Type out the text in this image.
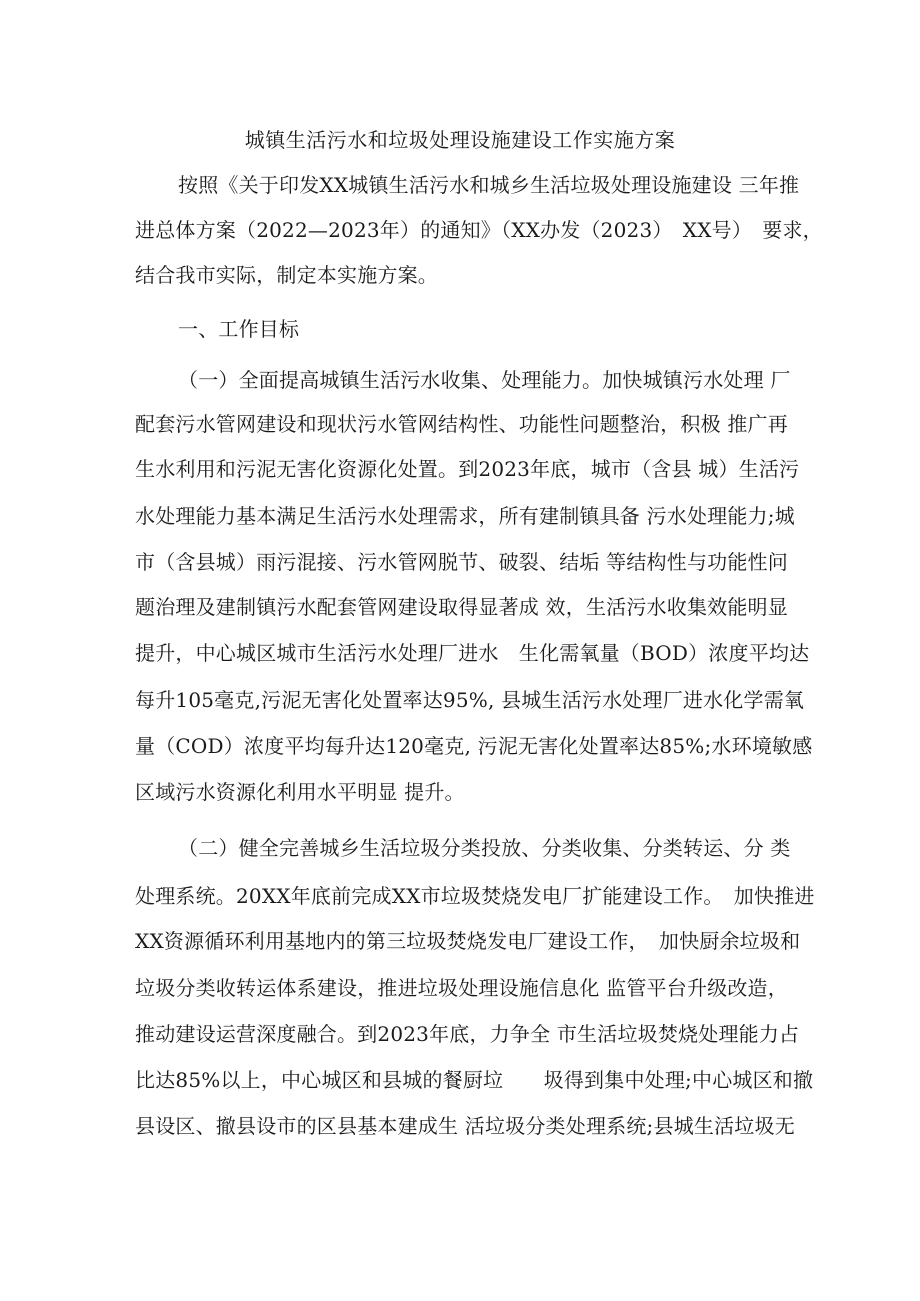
城镇生活污水和垃圾处理设施建设工作实施方案
按照《关于印发XX城镇生活污水和城乡生活垃圾处理设施建设 三年推
进总体方案（2022—2023年）的通知》（XX办发（2023）　XX号）　要求，
结合我市实际，制定本实施方案。
一、工作目标
（一）全面提高城镇生活污水收集、处理能力。加快城镇污水处理 厂
配套污水管网建设和现状污水管网结构性、功能性问题整治，积极 推广再
生水利用和污泥无害化资源化处置。到2023年底，城市（含县 城）生活污
水处理能力基本满足生活污水处理需求，所有建制镇具备 污水处理能力;城
市（含县城）雨污混接、污水管网脱节、破裂、结垢 等结构性与功能性问
题治理及建制镇污水配套管网建设取得显著成 效，生活污水收集效能明显
提升，中心城区城市生活污水处理厂进水　生化需氧量（BOD）浓度平均达
每升105毫克,污泥无害化处置率达95%, 县城生活污水处理厂进水化学需氧
量（COD）浓度平均每升达120毫克, 污泥无害化处置率达85%;水环境敏感
区域污水资源化利用水平明显 提升。
（二）健全完善城乡生活垃圾分类投放、分类收集、分类转运、分 类
处理系统。20XX年底前完成XX市垃圾焚烧发电厂扩能建设工作。　加快推进
XX资源循环利用基地内的第三垃圾焚烧发电厂建设工作，　加快厨余垃圾和
垃圾分类收转运体系建设，推进垃圾处理设施信息化 监管平台升级改造，
推动建设运营深度融合。到2023年底，力争全 市生活垃圾焚烧处理能力占
比达85%以上，中心城区和县城的餐厨垃　　圾得到集中处理;中心城区和撤
县设区、撤县设市的区县基本建成生 活垃圾分类处理系统;县城生活垃圾无
